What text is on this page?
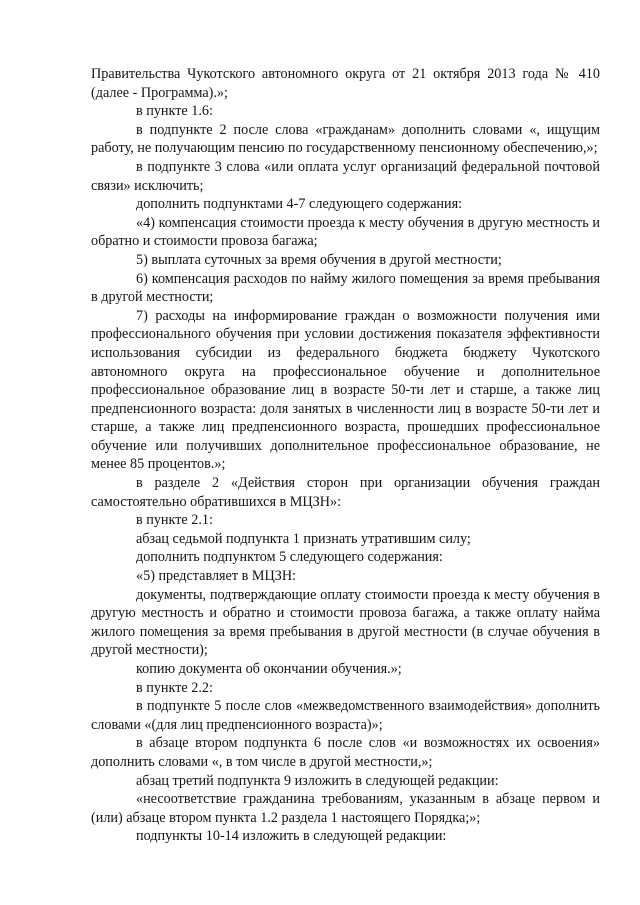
Правительства Чукотского автономного округа от 21 октября 2013 года № 410 (далее - Программа).»;

в пункте 1.6:

в подпункте 2 после слова «гражданам» дополнить словами «, ищущим работу, не получающим пенсию по государственному пенсионному обеспечению,»;

в подпункте 3 слова «или оплата услуг организаций федеральной почтовой связи» исключить;

дополнить подпунктами 4-7 следующего содержания:

«4) компенсация стоимости проезда к месту обучения в другую местность и обратно и стоимости провоза багажа;

5) выплата суточных за время обучения в другой местности;

6) компенсация расходов по найму жилого помещения за время пребывания в другой местности;

7) расходы на информирование граждан о возможности получения ими профессионального обучения при условии достижения показателя эффективности использования субсидии из федерального бюджета бюджету Чукотского автономного округа на профессиональное обучение и дополнительное профессиональное образование лиц в возрасте 50-ти лет и старше, а также лиц предпенсионного возраста: доля занятых в численности лиц в возрасте 50-ти лет и старше, а также лиц предпенсионного возраста, прошедших профессиональное обучение или получивших дополнительное профессиональное образование, не менее 85 процентов.»;

в разделе 2 «Действия сторон при организации обучения граждан самостоятельно обратившихся в МЦЗН»:

в пункте 2.1:

абзац седьмой подпункта 1 признать утратившим силу;

дополнить подпунктом 5 следующего содержания:

«5) представляет в МЦЗН:

документы, подтверждающие оплату стоимости проезда к месту обучения в другую местность и обратно и стоимости провоза багажа, а также оплату найма жилого помещения за время пребывания в другой местности (в случае обучения в другой местности);

копию документа об окончании обучения.»;

в пункте 2.2:

в подпункте 5 после слов «межведомственного взаимодействия» дополнить словами «(для лиц предпенсионного возраста)»;

в абзаце втором подпункта 6 после слов «и возможностях их освоения» дополнить словами «, в том числе в другой местности,»;

абзац третий подпункта 9 изложить в следующей редакции:

«несоответствие гражданина требованиям, указанным в абзаце первом и (или) абзаце втором пункта 1.2 раздела 1 настоящего Порядка;»;

подпункты 10-14 изложить в следующей редакции:
